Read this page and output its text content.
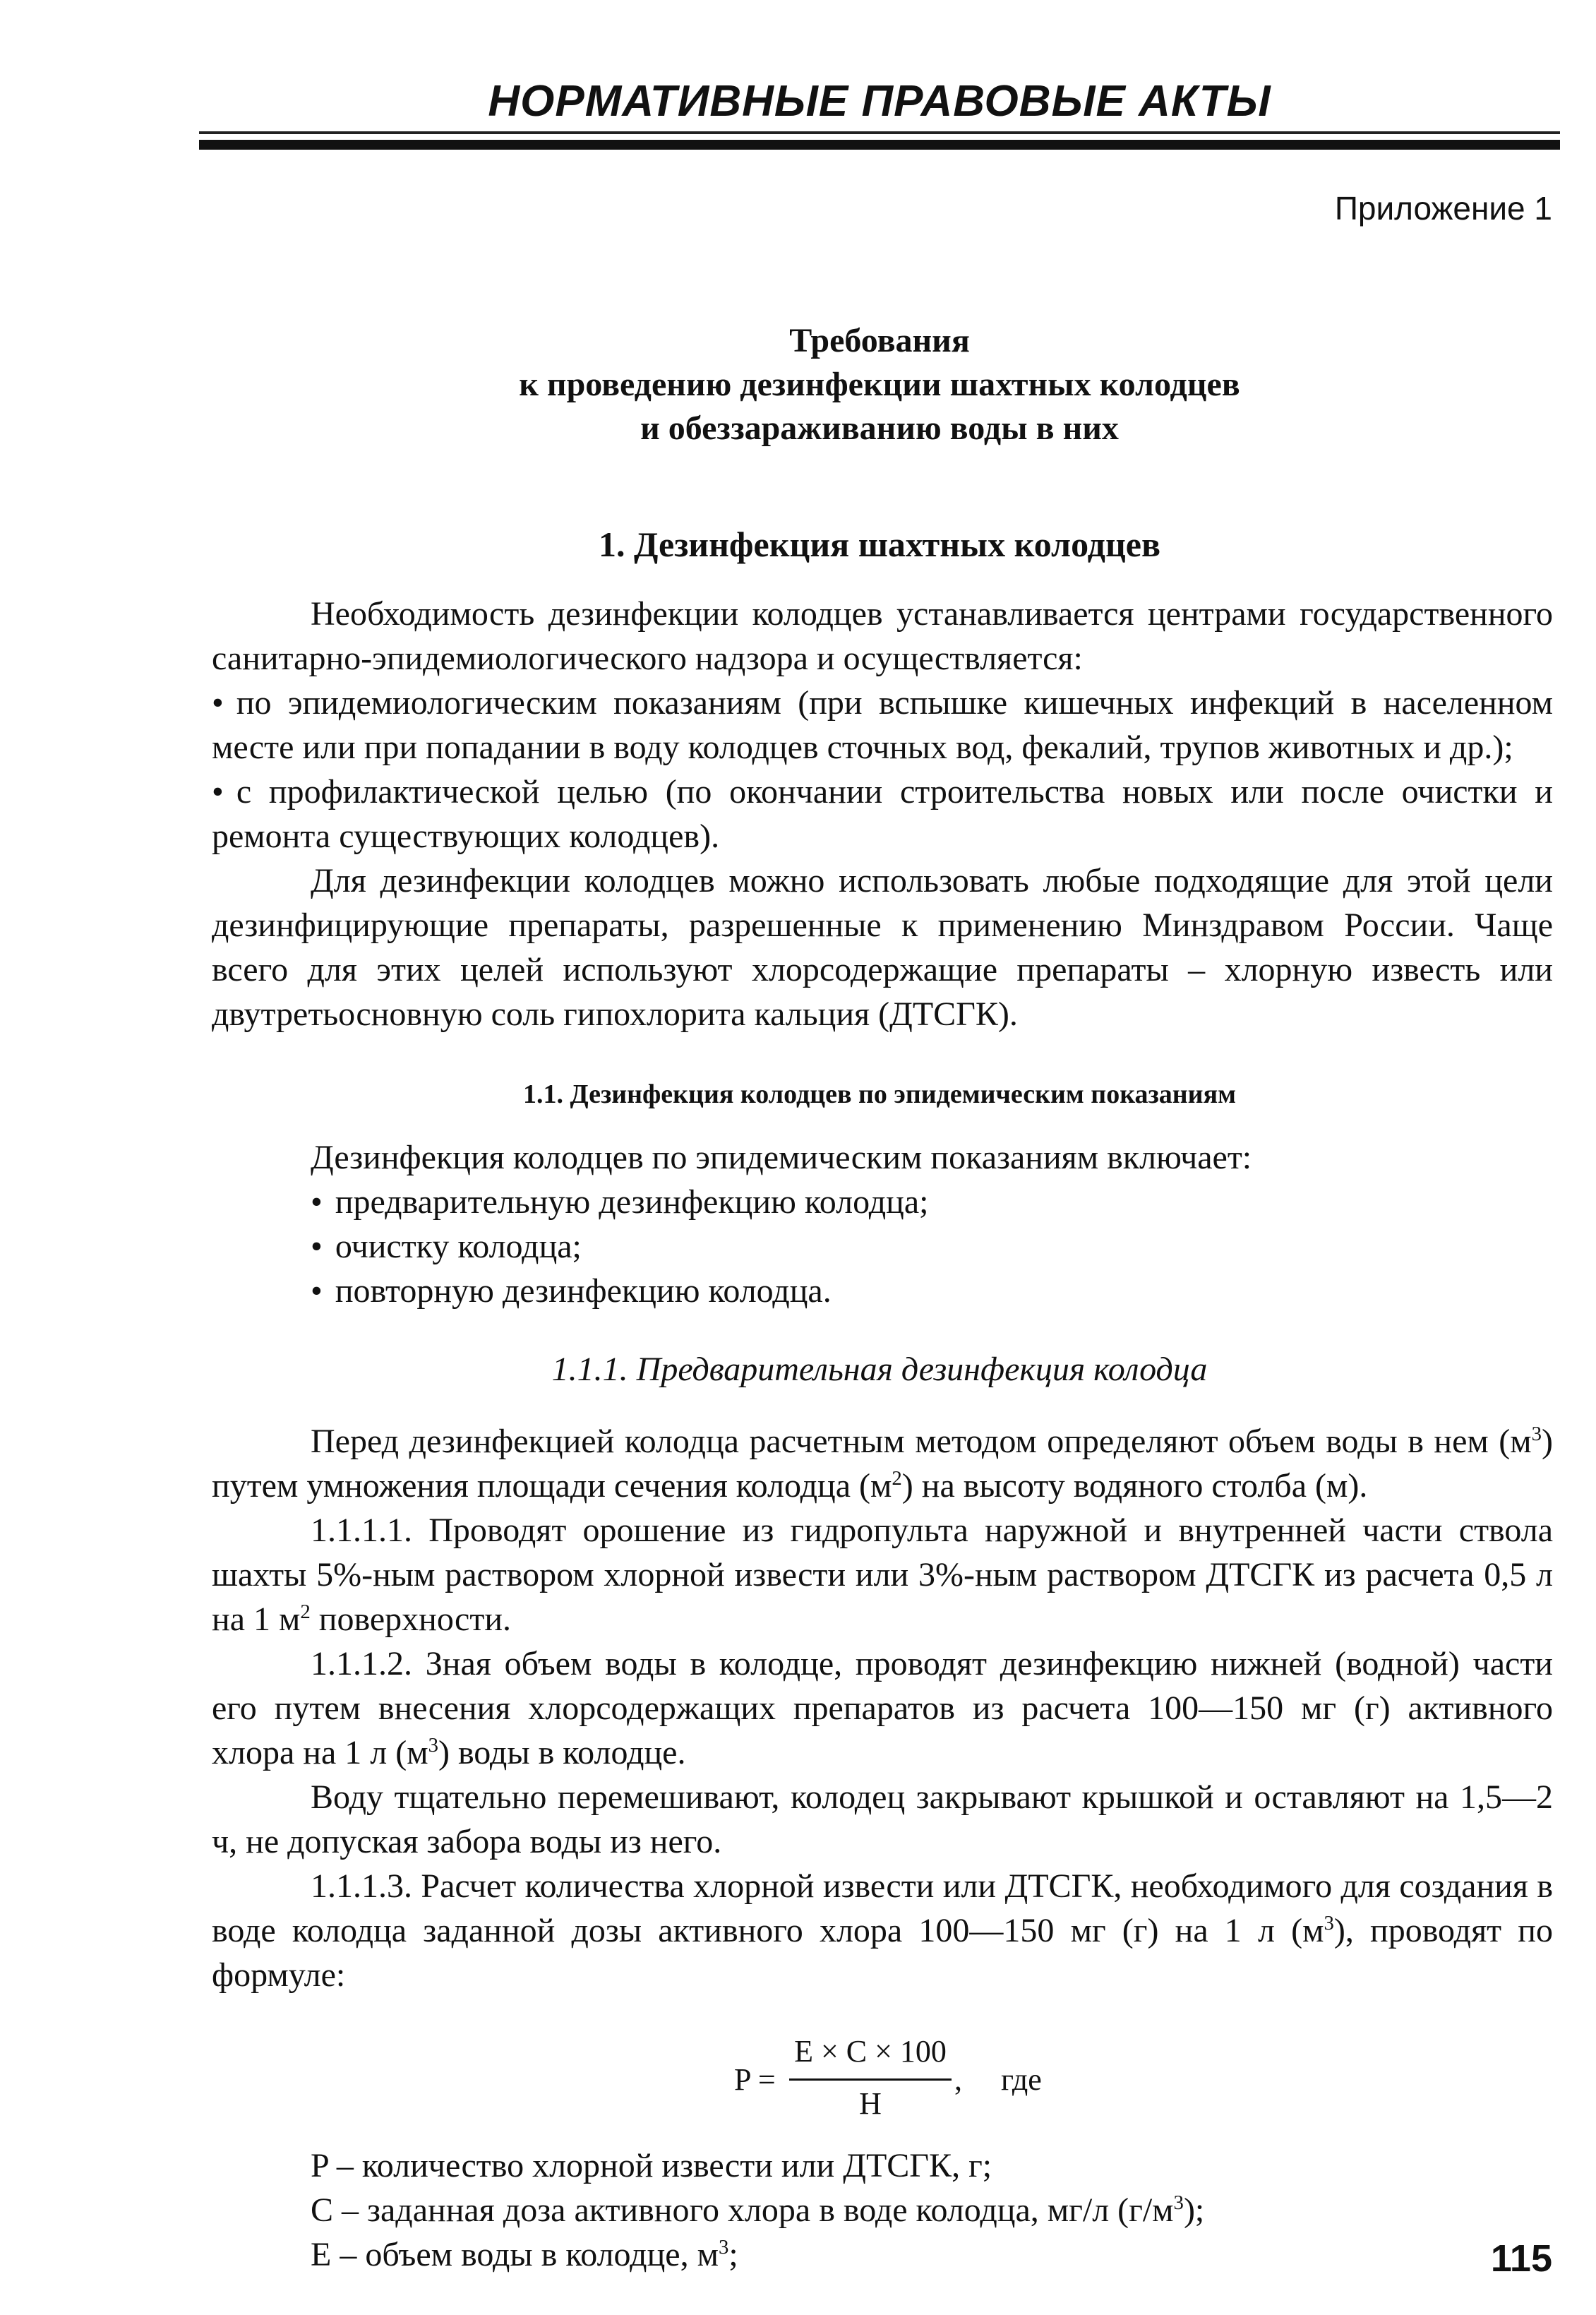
НОРМАТИВНЫЕ ПРАВОВЫЕ АКТЫ
Приложение 1
Требования
к проведению дезинфекции шахтных колодцев
и обеззараживанию воды в них
1. Дезинфекция шахтных колодцев

Необходимость дезинфекции колодцев устанавливается центрами государственного санитарно-эпидемиологического надзора и осуществляется:

• по эпидемиологическим показаниям (при вспышке кишечных инфекций в населенном месте или при попадании в воду колодцев сточных вод, фекалий, трупов животных и др.);
• с профилактической целью (по окончании строительства новых или после очистки и ремонта существующих колодцев).

Для дезинфекции колодцев можно использовать любые подходящие для этой цели дезинфицирующие препараты, разрешенные к применению Минздравом России. Чаще всего для этих целей используют хлорсодержащие препараты – хлорную известь или двутретьосновную соль гипохлорита кальция (ДТСГК).

1.1. Дезинфекция колодцев по эпидемическим показаниям

Дезинфекция колодцев по эпидемическим показаниям включает:

• предварительную дезинфекцию колодца;
• очистку колодца;
• повторную дезинфекцию колодца.
1.1.1. Предварительная дезинфекция колодца

Перед дезинфекцией колодца расчетным методом определяют объем воды в нем $(м^3)$ путем умножения площади сечения колодца $(м^2)$ на высоту водяного столба (м).

1.1.1.1. Проводят орошение из гидропульта наружной и внутренней части ствола шахты 5%-ным раствором хлорной извести или 3%-ным раствором ДТСГК из расчета 0,5 л на 1 $м^2$ поверхности.

1.1.1.2. Зная объем воды в колодце, проводят дезинфекцию нижней (водной) части его путем внесения хлорсодержащих препаратов из расчета 100—150 мг (г) активного хлора на 1 л $(м^3)$ воды в колодце.

Воду тщательно перемешивают, колодец закрывают крышкой и оставляют на 1,5—2 ч, не допуская забора воды из него.

1.1.1.3. Расчет количества хлорной извести или ДТСГК, необходимого для создания в воде колодца заданной дозы активного хлора 100—150 мг (г) на 1 л $(м^3)$, проводят по формуле:

P =
E × C × 100
H
, где

P – количество хлорной извести или ДТСГК, г;

C – заданная доза активного хлора в воде колодца, мг/л $(г/м^3)$;

E – объем воды в колодце, $м^3$;	115
